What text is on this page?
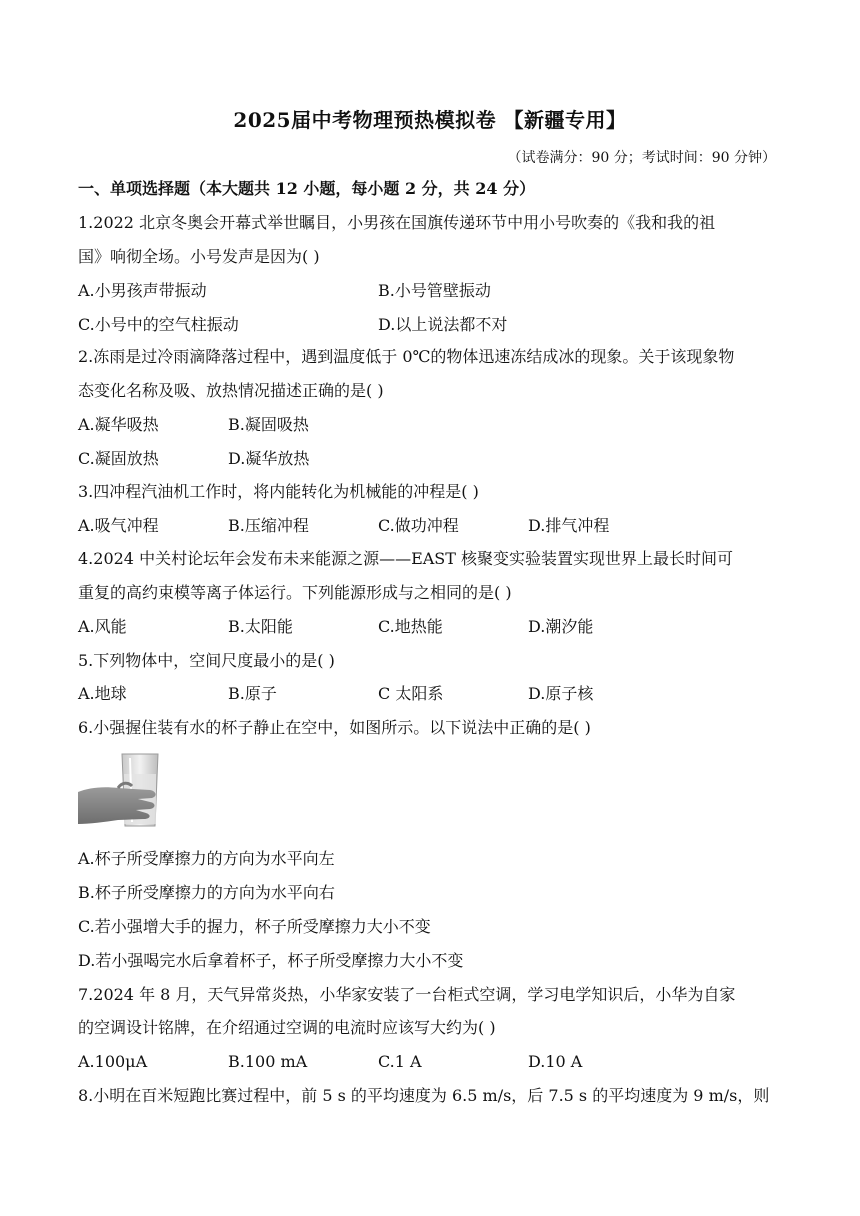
2025届中考物理预热模拟卷 【新疆专用】
（试卷满分：90 分；考试时间：90 分钟）
一、单项选择题（本大题共 12 小题，每小题 2 分，共 24 分）
1.2022 北京冬奥会开幕式举世瞩目，小男孩在国旗传递环节中用小号吹奏的《我和我的祖
国》响彻全场。小号发声是因为( )
A.小男孩声带振动	B.小号管壁振动
C.小号中的空气柱振动	D.以上说法都不对
2.冻雨是过冷雨滴降落过程中，遇到温度低于 0℃的物体迅速冻结成冰的现象。关于该现象物
态变化名称及吸、放热情况描述正确的是( )
A.凝华吸热	B.凝固吸热
C.凝固放热	D.凝华放热
3.四冲程汽油机工作时，将内能转化为机械能的冲程是( )
A.吸气冲程	B.压缩冲程	C.做功冲程	D.排气冲程
4.2024 中关村论坛年会发布未来能源之源——EAST 核聚变实验装置实现世界上最长时间可
重复的高约束模等离子体运行。下列能源形成与之相同的是( )
A.风能	B.太阳能	C.地热能	D.潮汐能
5.下列物体中，空间尺度最小的是( )
A.地球	B.原子	C 太阳系	D.原子核
6.小强握住装有水的杯子静止在空中，如图所示。以下说法中正确的是( )
A.杯子所受摩擦力的方向为水平向左
B.杯子所受摩擦力的方向为水平向右
C.若小强增大手的握力，杯子所受摩擦力大小不变
D.若小强喝完水后拿着杯子，杯子所受摩擦力大小不变
7.2024 年 8 月，天气异常炎热，小华家安装了一台柜式空调，学习电学知识后，小华为自家
的空调设计铭牌，在介绍通过空调的电流时应该写大约为( )
A.100μA	B.100 mA	C.1 A	D.10 A
8.小明在百米短跑比赛过程中，前 5 s 的平均速度为 6.5 m/s，后 7.5 s 的平均速度为 9 m/s，则
